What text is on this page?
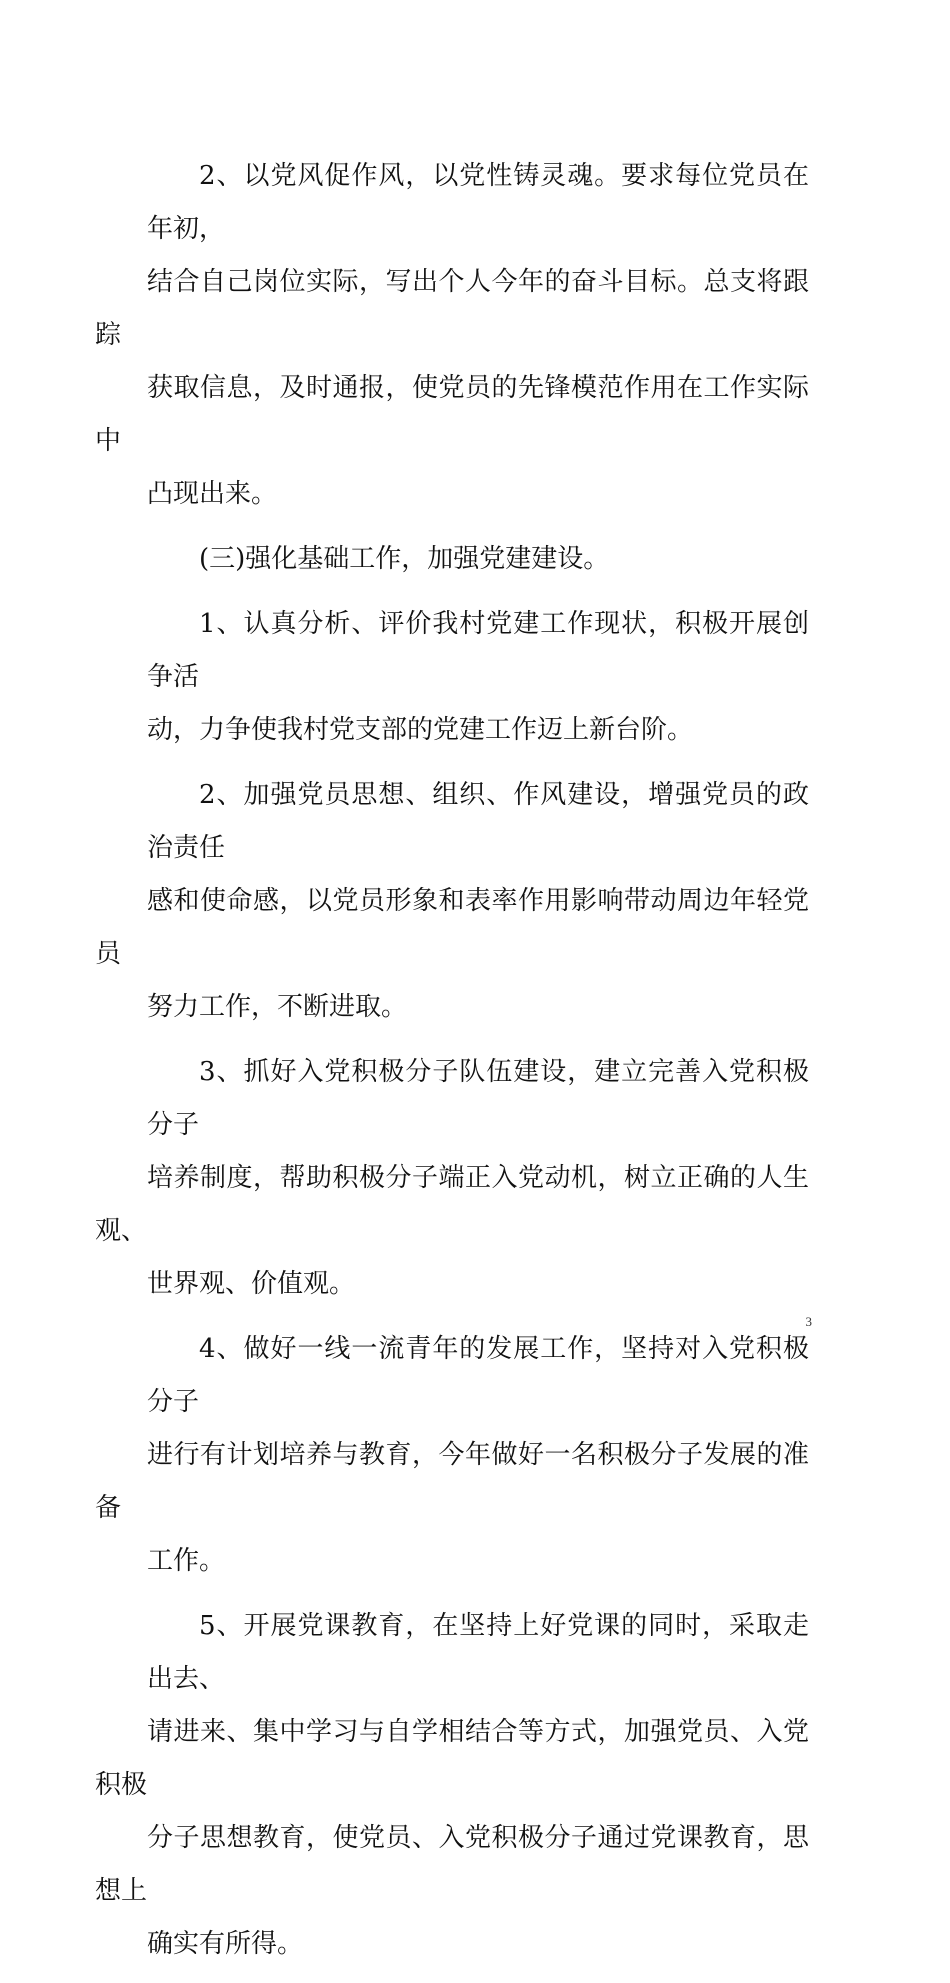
2、以党风促作风，以党性铸灵魂。要求每位党员在年初，
结合自己岗位实际，写出个人今年的奋斗目标。总支将跟踪
获取信息，及时通报，使党员的先锋模范作用在工作实际中
凸现出来。

(三)强化基础工作，加强党建建设。

1、认真分析、评价我村党建工作现状，积极开展创争活
动，力争使我村党支部的党建工作迈上新台阶。

2、加强党员思想、组织、作风建设，增强党员的政治责任
感和使命感，以党员形象和表率作用影响带动周边年轻党员
努力工作，不断进取。

3、抓好入党积极分子队伍建设，建立完善入党积极分子
培养制度，帮助积极分子端正入党动机，树立正确的人生观、
世界观、价值观。

4、做好一线一流青年的发展工作，坚持对入党积极分子
进行有计划培养与教育，今年做好一名积极分子发展的准备
工作。

5、开展党课教育，在坚持上好党课的同时，采取走出去、
请进来、集中学习与自学相结合等方式，加强党员、入党积极
分子思想教育，使党员、入党积极分子通过党课教育，思想上
确实有所得。

3
